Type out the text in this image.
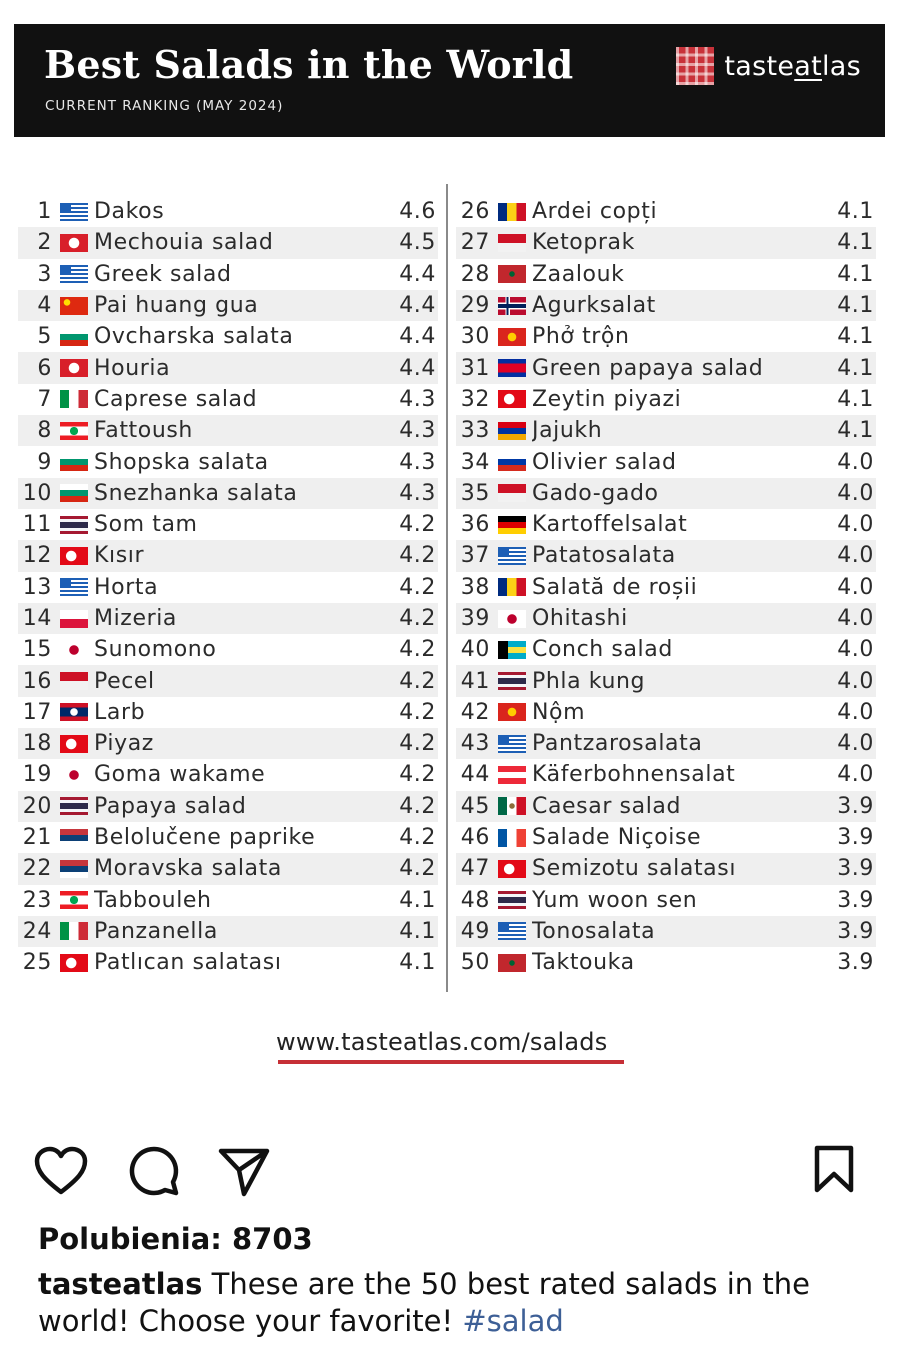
Best Salads in the World
CURRENT RANKING (MAY 2024)
tasteatlas
1 Dakos	4.6
2 Mechouia salad	4.5
3 Greek salad	4.4
4 Pai huang gua	4.4
5 Ovcharska salata	4.4
6 Houria	4.4
7 Caprese salad	4.3
8 Fattoush	4.3
9 Shopska salata	4.3
10 Snezhanka salata	4.3
11 Som tam	4.2
12 Kısır	4.2
13 Horta	4.2
14 Mizeria	4.2
15 Sunomono	4.2
16 Pecel	4.2
17 Larb	4.2
18 Piyaz	4.2
19 Goma wakame	4.2
20 Papaya salad	4.2
21 Belolučene paprike	4.2
22 Moravska salata	4.2
23 Tabbouleh	4.1
24 Panzanella	4.1
25 Patlıcan salatası	4.1
26 Ardei copți	4.1
27 Ketoprak	4.1
28 Zaalouk	4.1
29 Agurksalat	4.1
30 Phở trộn	4.1
31 Green papaya salad	4.1
32 Zeytin piyazi	4.1
33 Jajukh	4.1
34 Olivier salad	4.0
35 Gado-gado	4.0
36 Kartoffelsalat	4.0
37 Patatosalata	4.0
38 Salată de roșii	4.0
39 Ohitashi	4.0
40 Conch salad	4.0
41 Phla kung	4.0
42 Nộm	4.0
43 Pantzarosalata	4.0
44 Käferbohnensalat	4.0
45 Caesar salad	3.9
46 Salade Niçoise	3.9
47 Semizotu salatası	3.9
48 Yum woon sen	3.9
49 Tonosalata	3.9
50 Taktouka	3.9
www.tasteatlas.com/salads
Polubienia: 8703
tasteatlas These are the 50 best rated salads in the world! Choose your favorite! #salad
